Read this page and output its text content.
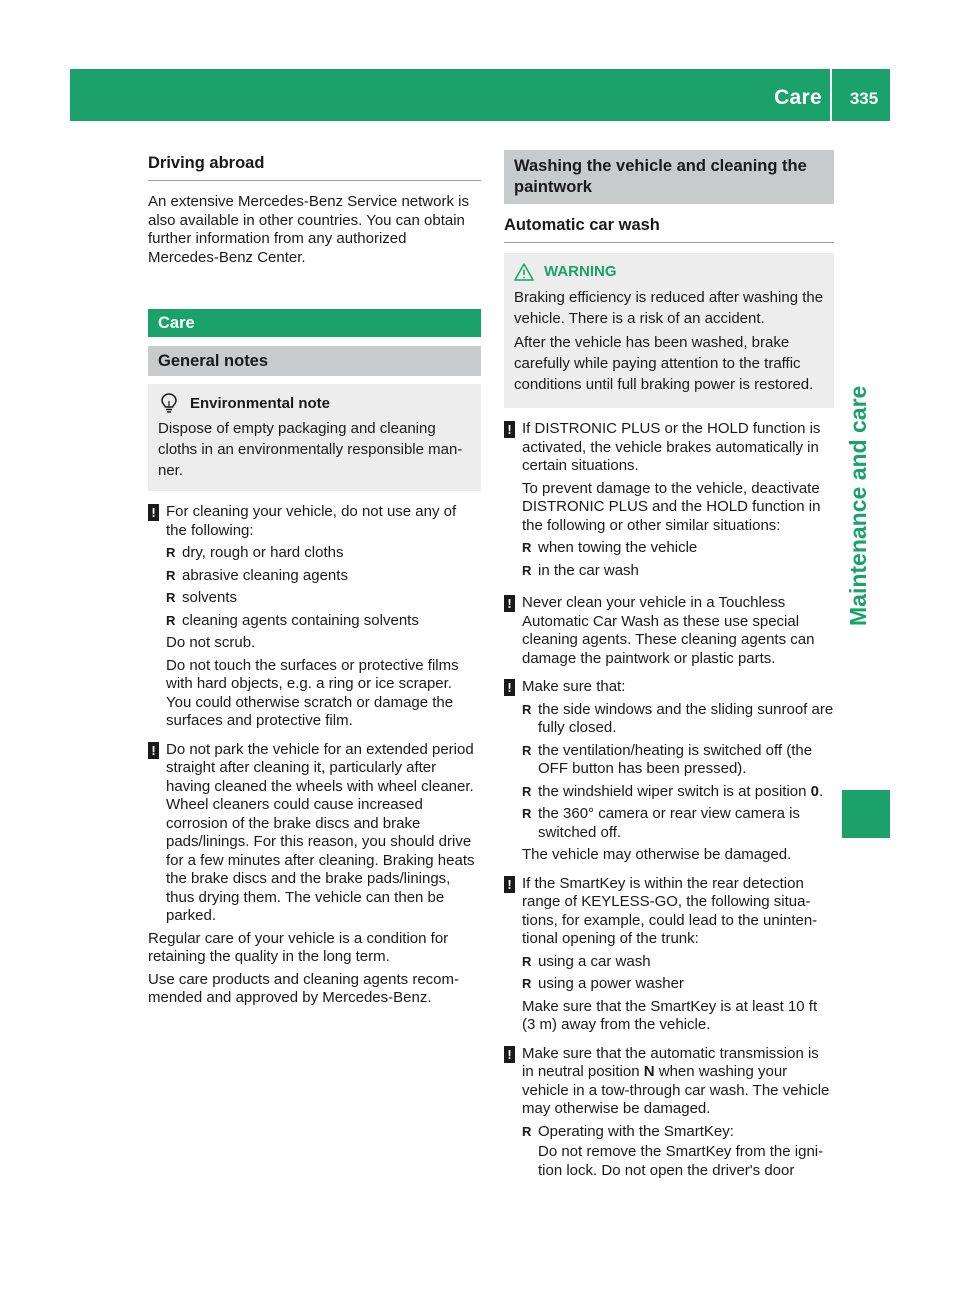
Care	335
Maintenance and care
Driving abroad

An extensive Mercedes-Benz Service network is also available in other countries. You can obtain further information from any authorized Mercedes-Benz Center.

Care
General notes
Environmental note

Dispose of empty packaging and cleaning cloths in an environmentally responsible man-ner.

! For cleaning your vehicle, do not use any of the following:

R dry, rough or hard cloths
R abrasive cleaning agents
R solvents
R cleaning agents containing solvents

Do not scrub.

Do not touch the surfaces or protective films with hard objects, e.g. a ring or ice scraper. You could otherwise scratch or damage the surfaces and protective film.

! Do not park the vehicle for an extended period straight after cleaning it, particularly after having cleaned the wheels with wheel cleaner. Wheel cleaners could cause increased corrosion of the brake discs and brake pads/linings. For this reason, you should drive for a few minutes after cleaning. Braking heats the brake discs and the brake pads/linings, thus drying them. The vehicle can then be parked.

Regular care of your vehicle is a condition for retaining the quality in the long term.

Use care products and cleaning agents recom-mended and approved by Mercedes-Benz.

Washing the vehicle and cleaning the paintwork
Automatic car wash
WARNING

Braking efficiency is reduced after washing the vehicle. There is a risk of an accident.

After the vehicle has been washed, brake carefully while paying attention to the traffic conditions until full braking power is restored.

! If DISTRONIC PLUS or the HOLD function is activated, the vehicle brakes automatically in certain situations.

To prevent damage to the vehicle, deactivate DISTRONIC PLUS and the HOLD function in the following or other similar situations:

R when towing the vehicle
R in the car wash
! Never clean your vehicle in a Touchless Automatic Car Wash as these use special cleaning agents. These cleaning agents can damage the paintwork or plastic parts.

! Make sure that:

R the side windows and the sliding sunroof are fully closed.
R the ventilation/heating is switched off (the OFF button has been pressed).
R the windshield wiper switch is at position 0.
R the 360° camera or rear view camera is switched off.

The vehicle may otherwise be damaged.

! If the SmartKey is within the rear detection range of KEYLESS-GO, the following situa-tions, for example, could lead to the uninten-tional opening of the trunk:

R using a car wash
R using a power washer

Make sure that the SmartKey is at least 10 ft (3 m) away from the vehicle.

! Make sure that the automatic transmission is in neutral position N when washing your vehicle in a tow-through car wash. The vehicle may otherwise be damaged.

R Operating with the SmartKey:
Do not remove the SmartKey from the igni-tion lock. Do not open the driver's door
